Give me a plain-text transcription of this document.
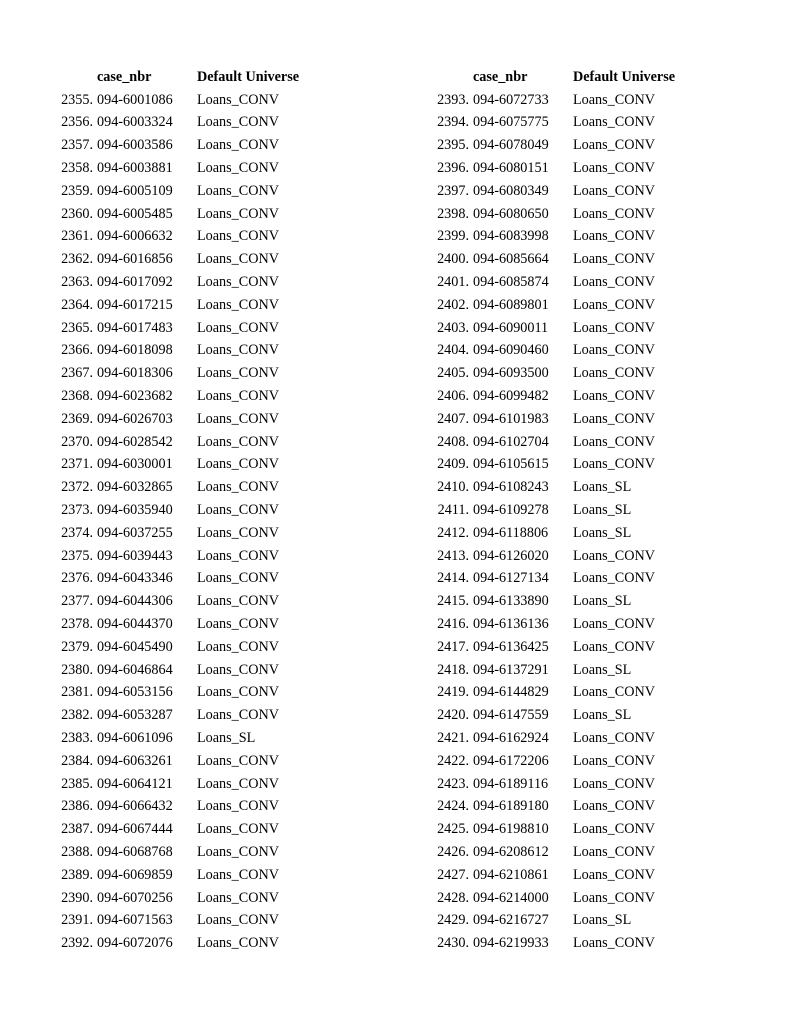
	case_nbr	Default Universe
2355.	094-6001086	Loans_CONV
2356.	094-6003324	Loans_CONV
2357.	094-6003586	Loans_CONV
2358.	094-6003881	Loans_CONV
2359.	094-6005109	Loans_CONV
2360.	094-6005485	Loans_CONV
2361.	094-6006632	Loans_CONV
2362.	094-6016856	Loans_CONV
2363.	094-6017092	Loans_CONV
2364.	094-6017215	Loans_CONV
2365.	094-6017483	Loans_CONV
2366.	094-6018098	Loans_CONV
2367.	094-6018306	Loans_CONV
2368.	094-6023682	Loans_CONV
2369.	094-6026703	Loans_CONV
2370.	094-6028542	Loans_CONV
2371.	094-6030001	Loans_CONV
2372.	094-6032865	Loans_CONV
2373.	094-6035940	Loans_CONV
2374.	094-6037255	Loans_CONV
2375.	094-6039443	Loans_CONV
2376.	094-6043346	Loans_CONV
2377.	094-6044306	Loans_CONV
2378.	094-6044370	Loans_CONV
2379.	094-6045490	Loans_CONV
2380.	094-6046864	Loans_CONV
2381.	094-6053156	Loans_CONV
2382.	094-6053287	Loans_CONV
2383.	094-6061096	Loans_SL
2384.	094-6063261	Loans_CONV
2385.	094-6064121	Loans_CONV
2386.	094-6066432	Loans_CONV
2387.	094-6067444	Loans_CONV
2388.	094-6068768	Loans_CONV
2389.	094-6069859	Loans_CONV
2390.	094-6070256	Loans_CONV
2391.	094-6071563	Loans_CONV
2392.	094-6072076	Loans_CONV
	case_nbr	Default Universe
2393.	094-6072733	Loans_CONV
2394.	094-6075775	Loans_CONV
2395.	094-6078049	Loans_CONV
2396.	094-6080151	Loans_CONV
2397.	094-6080349	Loans_CONV
2398.	094-6080650	Loans_CONV
2399.	094-6083998	Loans_CONV
2400.	094-6085664	Loans_CONV
2401.	094-6085874	Loans_CONV
2402.	094-6089801	Loans_CONV
2403.	094-6090011	Loans_CONV
2404.	094-6090460	Loans_CONV
2405.	094-6093500	Loans_CONV
2406.	094-6099482	Loans_CONV
2407.	094-6101983	Loans_CONV
2408.	094-6102704	Loans_CONV
2409.	094-6105615	Loans_CONV
2410.	094-6108243	Loans_SL
2411.	094-6109278	Loans_SL
2412.	094-6118806	Loans_SL
2413.	094-6126020	Loans_CONV
2414.	094-6127134	Loans_CONV
2415.	094-6133890	Loans_SL
2416.	094-6136136	Loans_CONV
2417.	094-6136425	Loans_CONV
2418.	094-6137291	Loans_SL
2419.	094-6144829	Loans_CONV
2420.	094-6147559	Loans_SL
2421.	094-6162924	Loans_CONV
2422.	094-6172206	Loans_CONV
2423.	094-6189116	Loans_CONV
2424.	094-6189180	Loans_CONV
2425.	094-6198810	Loans_CONV
2426.	094-6208612	Loans_CONV
2427.	094-6210861	Loans_CONV
2428.	094-6214000	Loans_CONV
2429.	094-6216727	Loans_SL
2430.	094-6219933	Loans_CONV
